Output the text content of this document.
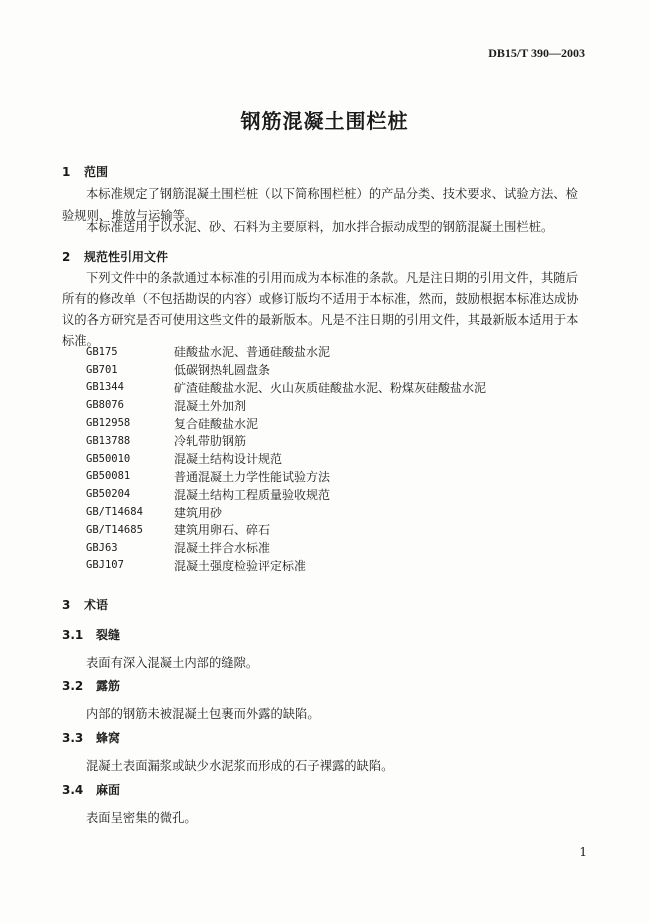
DB15/T 390—2003
钢筋混凝土围栏桩
1 范围

本标准规定了钢筋混凝土围栏桩（以下简称围栏桩）的产品分类、技术要求、试验方法、检验规则、堆放与运输等。

本标准适用于以水泥、砂、石料为主要原料，加水拌合振动成型的钢筋混凝土围栏桩。

2 规范性引用文件

下列文件中的条款通过本标准的引用而成为本标准的条款。凡是注日期的引用文件，其随后所有的修改单（不包括勘误的内容）或修订版均不适用于本标准，然而，鼓励根据本标准达成协议的各方研究是否可使用这些文件的最新版本。凡是不注日期的引用文件，其最新版本适用于本标准。

GB175	硅酸盐水泥、普通硅酸盐水泥
GB701	低碳钢热轧圆盘条
GB1344	矿渣硅酸盐水泥、火山灰质硅酸盐水泥、粉煤灰硅酸盐水泥
GB8076	混凝土外加剂
GB12958	复合硅酸盐水泥
GB13788	冷轧带肋钢筋
GB50010	混凝土结构设计规范
GB50081	普通混凝土力学性能试验方法
GB50204	混凝土结构工程质量验收规范
GB/T14684	建筑用砂
GB/T14685	建筑用卵石、碎石
GBJ63	混凝土拌合水标准
GBJ107	混凝土强度检验评定标准
3 术语
3.1 裂缝
表面有深入混凝土内部的缝隙。
3.2 露筋
内部的钢筋未被混凝土包裹而外露的缺陷。
3.3 蜂窝
混凝土表面漏浆或缺少水泥浆而形成的石子裸露的缺陷。
3.4 麻面
表面呈密集的微孔。
1
